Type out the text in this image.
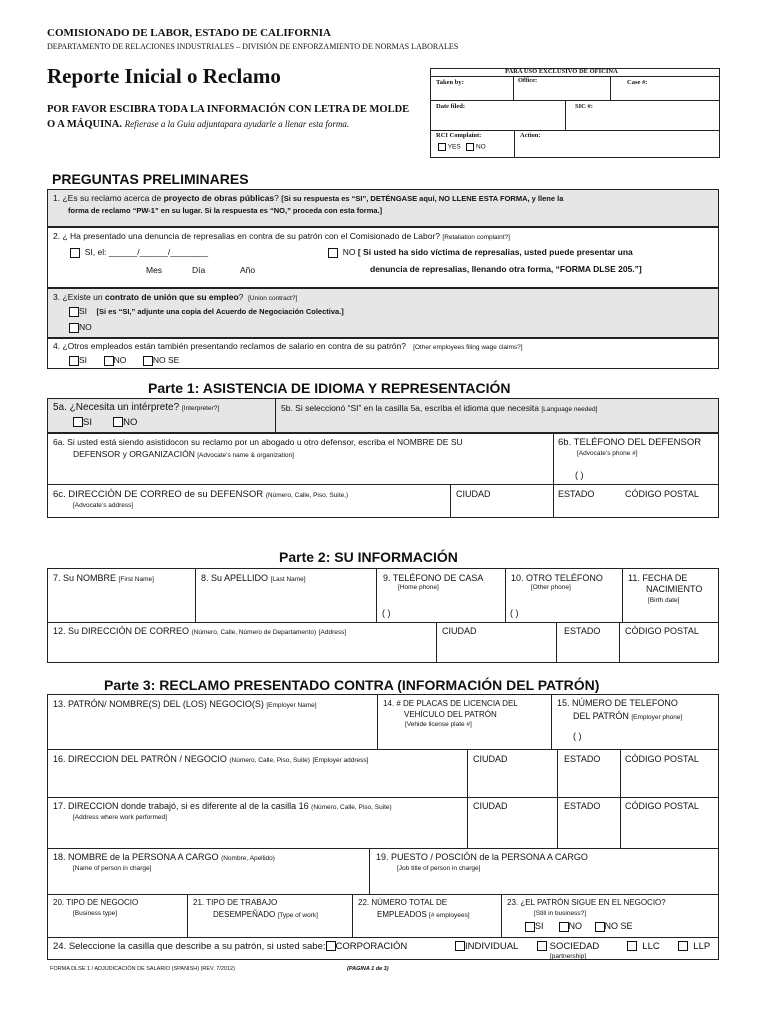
COMISIONADO DE LABOR, ESTADO DE CALIFORNIA
DEPARTAMENTO DE RELACIONES INDUSTRIALES – DIVISIÓN DE ENFORZAMIENTO DE NORMAS LABORALES
Reporte Inicial o Reclamo
POR FAVOR ESCIBRA TODA LA INFORMACIÓN CON LETRA DE MOLDE O A MÁQUINA. Refierase a la Guia adjuntapara ayudarle a llenar esta forma.
PARA USO EXCLUSIVO DE OFICINA
Taken by:	Office:	Case #:
Date filed:	SIC #:
RCI Complaint:	Action:
YES NO
PREGUNTAS PRELIMINARES
1. ¿Es su reclamo acerca de proyecto de obras públicas? [Si su respuesta es “SI”, DETÉNGASE aquí, NO LLENE ESTA FORMA, y llene la
forma de reclamo “PW-1” en su lugar. Si la respuesta es “NO,” proceda con esta forma.]
2. ¿ Ha presentado una denuncia de represalias en contra de su patrón con el Comisionado de Labor? [Retaliation complaint?]
SI, el: ______/______/________
Mes	Día	Año
NO [ Si usted ha sido víctima de represalias, usted puede presentar una
denuncia de represalias, llenando otra forma, “FORMA DLSE 205.”]
3. ¿Existe un contrato de unión que su empleo? [Union contract?]
SI [Si es “SI,” adjunte una copia del Acuerdo de Negociación Colectiva.]
NO
4. ¿Otros empleados están también presentando reclamos de salario en contra de su patrón? [Other employees filing wage claims?]
SI	NO	NO SE
Parte 1: ASISTENCIA DE IDIOMA Y REPRESENTACIÓN
5a. ¿Necesita un intérprete? [Interpreter?]
SI	NO
5b. Si seleccionó “SI” en la casilla 5a, escriba el idioma que necesita [Language needed]
6a. Si usted está siendo asistidocon su reclamo por un abogado u otro defensor, escriba el NOMBRE DE SU
DEFENSOR y ORGANIZACIÓN [Advocate’s name & organization]
6b. TELÉFONO DEL DEFENSOR
[Advocate’s phone #]
( )
6c. DIRECCIÓN DE CORREO de su DEFENSOR (Número, Calle, Piso, Suite,)
[Advocate’s address]
CIUDAD	ESTADO	CÓDIGO POSTAL
Parte 2: SU INFORMACIÓN
7. Su NOMBRE [First Name]	8. Su APELLIDO [Last Name]	9. TELÉFONO DE CASA
[Home phone]
( )
10. OTRO TELÉFONO
[Other phone]
( )
11. FECHA DE
NACIMIENTO
[Birth date]
12. Su DIRECCIÓN DE CORREO (Número, Calle, Número de Departamento) [Address]	CIUDAD	ESTADO	CÓDIGO POSTAL
Parte 3: RECLAMO PRESENTADO CONTRA (INFORMACIÓN DEL PATRÓN)
13. PATRÓN/ NOMBRE(S) DEL (LOS) NEGOCIO(S) [Employer Name]	14. # DE PLACAS DE LICENCIA DEL
VEHÍCULO DEL PATRÓN
[Vehide license plate #]
15. NÚMERO DE TELEFONO
DEL PATRÓN [Employer phone]
( )
16. DIRECCION DEL PATRÓN / NEGOCIO (Número, Calle, Piso, Suite) [Employer address]	CIUDAD	ESTADO	CÓDIGO POSTAL
17. DIRECCION donde trabajó, si es diferente al de la casilla 16 (Número, Calle, Piso, Suite)
[Address where work performed]
CIUDAD	ESTADO	CÓDIGO POSTAL
18. NOMBRE de la PERSONA A CARGO (Nombre, Apellido)
[Name of person in charge]
19. PUESTO / POSCIÓN de la PERSONA A CARGO
[Job title of person in charge]
20. TIPO DE NEGOCIO
[Business type]
21. TIPO DE TRABAJO
DESEMPEÑADO [Type of work]
22. NÚMERO TOTAL DE
EMPLEADOS [# employees]
23. ¿EL PATRÓN SIGUE EN EL NEGOCIO?
[Still in business?]
SI	NO	NO SE
24. Seleccione la casilla que describe a su patrón, si usted sabe: CORPORACIÓN	INDIVIDUAL	SOCIEDAD
[partnership]
LLC	LLP
FORMA DLSE 1 / ADJUDICACIÓN DE SALARIO (SPANISH) (REV. 7/2012)	(PAGINA 1 de 3)
